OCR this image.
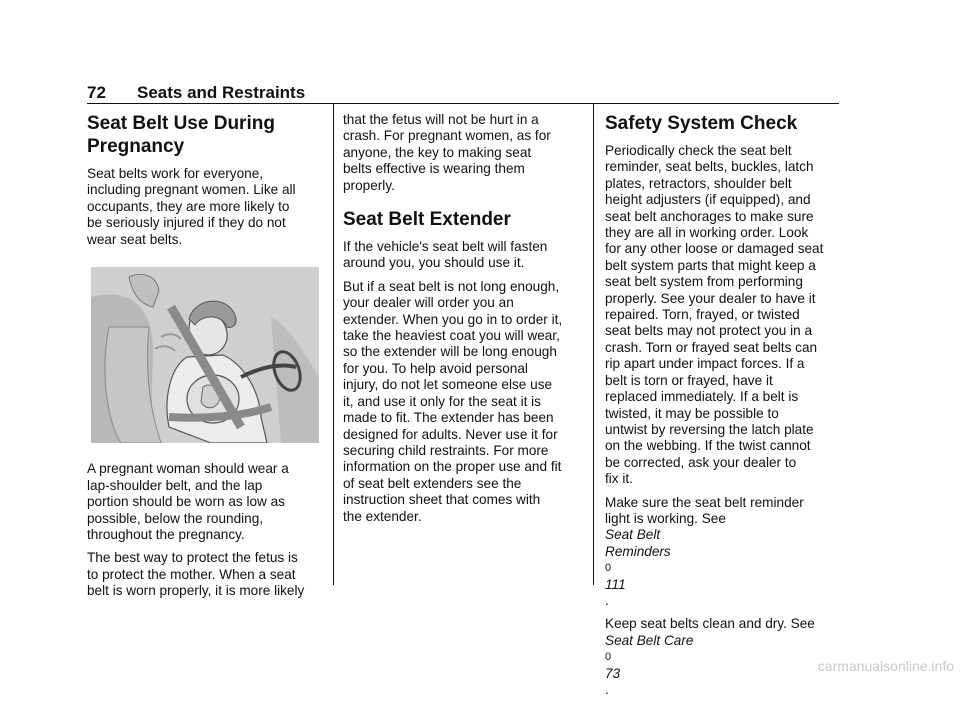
72 Seats and Restraints
Seat Belt Use During
Pregnancy

Seat belts work for everyone,
including pregnant women. Like all
occupants, they are more likely to
be seriously injured if they do not
wear seat belts.

A pregnant woman should wear a
lap-shoulder belt, and the lap
portion should be worn as low as
possible, below the rounding,
throughout the pregnancy.

The best way to protect the fetus is
to protect the mother. When a seat
belt is worn properly, it is more likely

that the fetus will not be hurt in a
crash. For pregnant women, as for
anyone, the key to making seat
belts effective is wearing them
properly.

Seat Belt Extender

If the vehicle's seat belt will fasten
around you, you should use it.

But if a seat belt is not long enough,
your dealer will order you an
extender. When you go in to order it,
take the heaviest coat you will wear,
so the extender will be long enough
for you. To help avoid personal
injury, do not let someone else use
it, and use it only for the seat it is
made to fit. The extender has been
designed for adults. Never use it for
securing child restraints. For more
information on the proper use and fit
of seat belt extenders see the
instruction sheet that comes with
the extender.

Safety System Check

Periodically check the seat belt
reminder, seat belts, buckles, latch
plates, retractors, shoulder belt
height adjusters (if equipped), and
seat belt anchorages to make sure
they are all in working order. Look
for any other loose or damaged seat
belt system parts that might keep a
seat belt system from performing
properly. See your dealer to have it
repaired. Torn, frayed, or twisted
seat belts may not protect you in a
crash. Torn or frayed seat belts can
rip apart under impact forces. If a
belt is torn or frayed, have it
replaced immediately. If a belt is
twisted, it may be possible to
untwist by reversing the latch plate
on the webbing. If the twist cannot
be corrected, ask your dealer to
fix it.

Make sure the seat belt reminder
light is working. See
Seat Belt
Reminders
0
111
.

Keep seat belts clean and dry. See
Seat Belt Care
0
73
.

carmanualsonline.info
